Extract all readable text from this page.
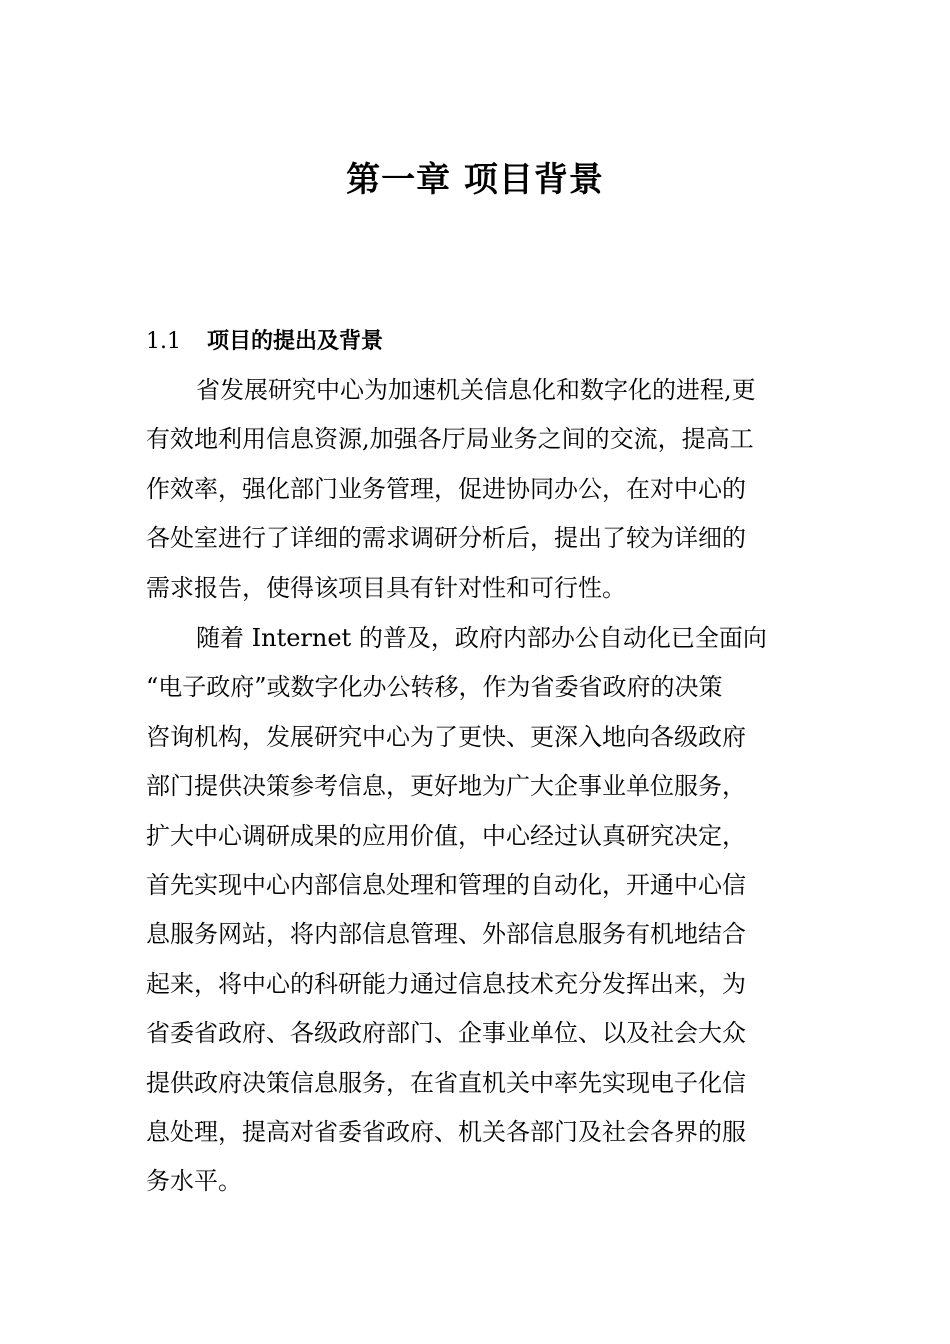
第一章 项目背景
1.1 项目的提出及背景
省发展研究中心为加速机关信息化和数字化的进程,更
有效地利用信息资源,加强各厅局业务之间的交流，提高工
作效率，强化部门业务管理，促进协同办公，在对中心的
各处室进行了详细的需求调研分析后，提出了较为详细的
需求报告，使得该项目具有针对性和可行性。
随着 Internet 的普及，政府内部办公自动化已全面向
“电子政府”或数字化办公转移，作为省委省政府的决策
咨询机构，发展研究中心为了更快、更深入地向各级政府
部门提供决策参考信息，更好地为广大企事业单位服务，
扩大中心调研成果的应用价值，中心经过认真研究决定，
首先实现中心内部信息处理和管理的自动化，开通中心信
息服务网站，将内部信息管理、外部信息服务有机地结合
起来，将中心的科研能力通过信息技术充分发挥出来，为
省委省政府、各级政府部门、企事业单位、以及社会大众
提供政府决策信息服务，在省直机关中率先实现电子化信
息处理，提高对省委省政府、机关各部门及社会各界的服
务水平。
